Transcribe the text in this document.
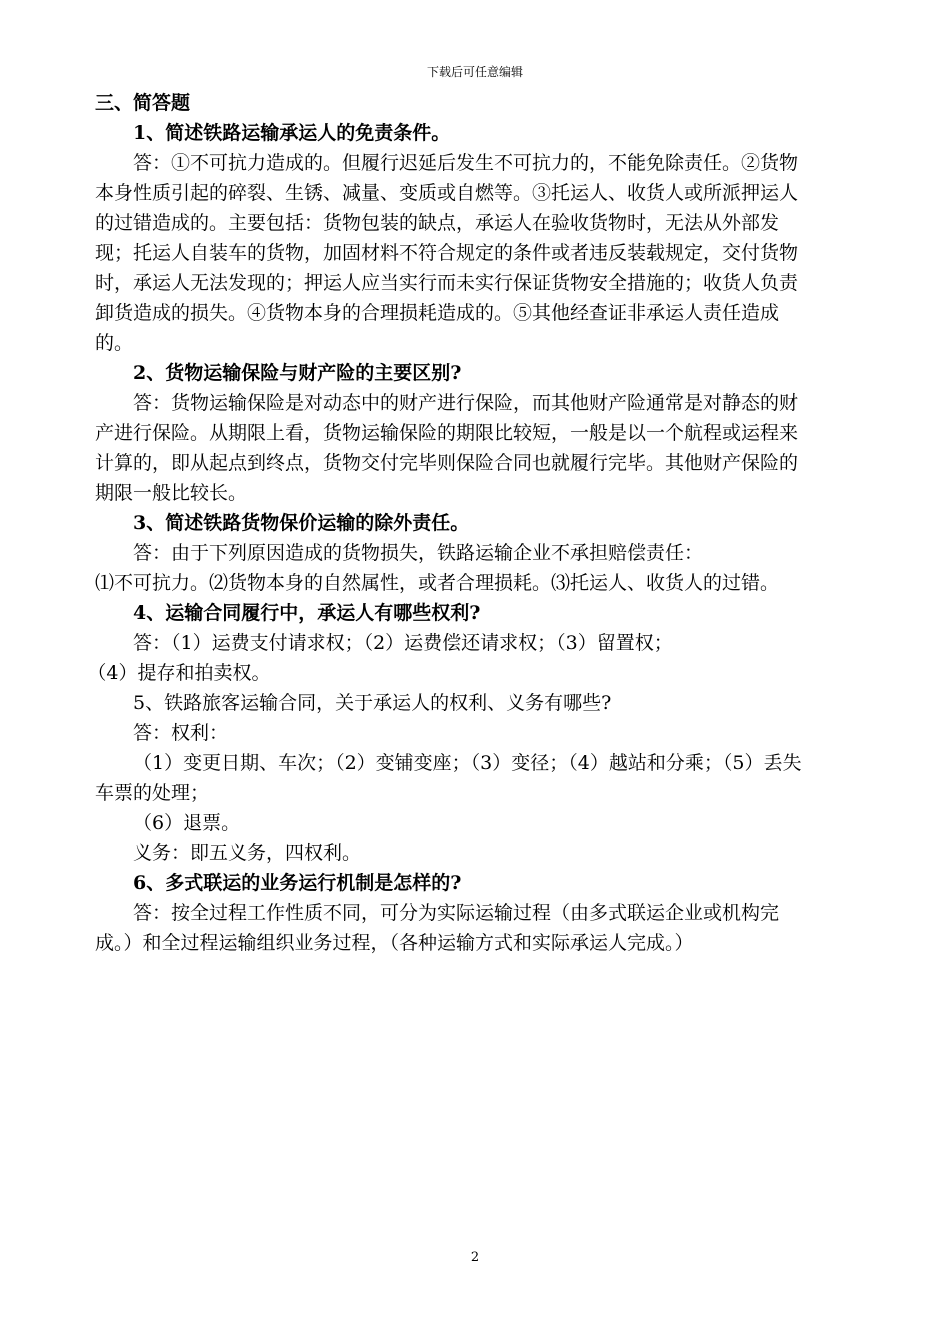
下载后可任意编辑

三、简答题

1、简述铁路运输承运人的免责条件。

答：①不可抗力造成的。但履行迟延后发生不可抗力的，不能免除责任。②货物本身性质引起的碎裂、生锈、减量、变质或自燃等。③托运人、收货人或所派押运人的过错造成的。主要包括：货物包装的缺点，承运人在验收货物时，无法从外部发现；托运人自装车的货物，加固材料不符合规定的条件或者违反装载规定，交付货物时，承运人无法发现的；押运人应当实行而未实行保证货物安全措施的；收货人负责卸货造成的损失。④货物本身的合理损耗造成的。⑤其他经查证非承运人责任造成的。

2、货物运输保险与财产险的主要区别?

答：货物运输保险是对动态中的财产进行保险，而其他财产险通常是对静态的财产进行保险。从期限上看，货物运输保险的期限比较短，一般是以一个航程或运程来计算的，即从起点到终点，货物交付完毕则保险合同也就履行完毕。其他财产保险的期限一般比较长。

3、简述铁路货物保价运输的除外责任。

答：由于下列原因造成的货物损失，铁路运输企业不承担赔偿责任：

⑴不可抗力。⑵货物本身的自然属性，或者合理损耗。⑶托运人、收货人的过错。

4、运输合同履行中，承运人有哪些权利?

答：（1）运费支付请求权；（2）运费偿还请求权；（3）留置权；

（4）提存和拍卖权。

5、铁路旅客运输合同，关于承运人的权利、义务有哪些?

答：权利：

（1）变更日期、车次；（2）变铺变座；（3）变径；（4）越站和分乘；（5）丢失车票的处理；

（6）退票。

义务：即五义务，四权利。

6、多式联运的业务运行机制是怎样的?

答：按全过程工作性质不同，可分为实际运输过程（由多式联运企业或机构完成。）和全过程运输组织业务过程，（各种运输方式和实际承运人完成。）

2
